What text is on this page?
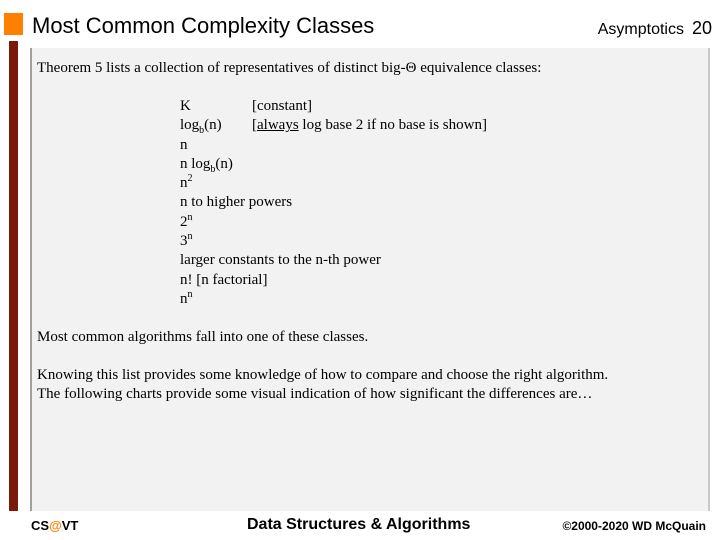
Most Common Complexity Classes	Asymptotics 20
Theorem 5 lists a collection of representatives of distinct big-Θ equivalence classes:
K	[constant]
$\log_b(n)$ [always log base 2 if no base is shown]
n
n $\log_b(n)$
$n^2$
n to higher powers
2$^n$
3$^n$
larger constants to the n-th power
n! [n factorial]
$n^n$
Most common algorithms fall into one of these classes.
Knowing this list provides some knowledge of how to compare and choose the right algorithm.
The following charts provide some visual indication of how significant the differences are…
CS@VT	Data Structures & Algorithms	©2000-2020 WD McQuain
